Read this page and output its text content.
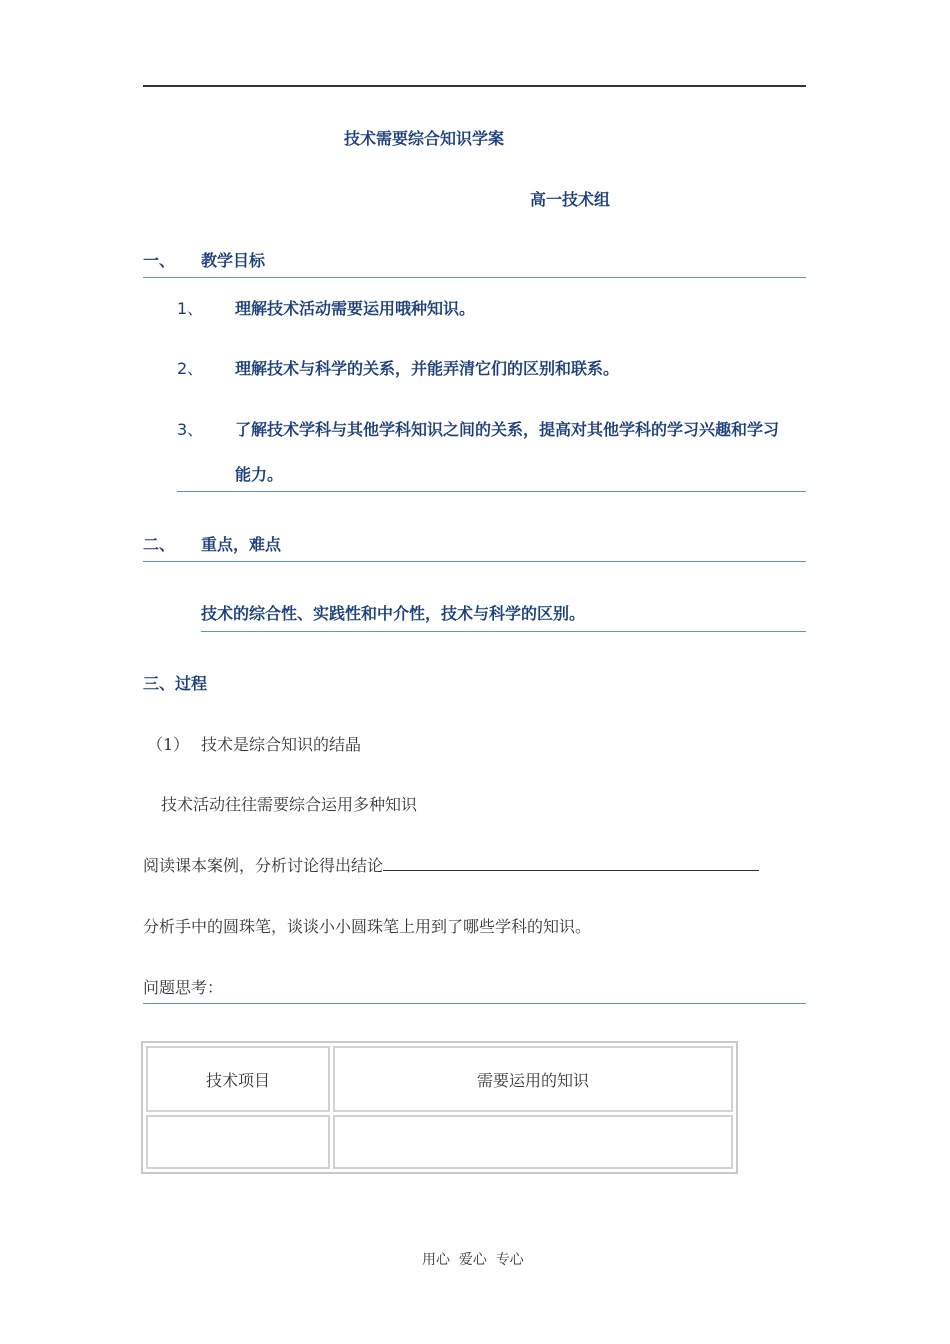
技术需要综合知识学案
高一技术组
一、 教学目标
1、 理解技术活动需要运用哦种知识。
2、 理解技术与科学的关系，并能弄清它们的区别和联系。
3、 了解技术学科与其他学科知识之间的关系，提高对其他学科的学习兴趣和学习
能力。
二、 重点，难点
技术的综合性、实践性和中介性，技术与科学的区别。
三、过程
（1） 技术是综合知识的结晶
技术活动往往需要综合运用多种知识
阅读课本案例，分析讨论得出结论
分析手中的圆珠笔，谈谈小小圆珠笔上用到了哪些学科的知识。
问题思考：
技术项目	需要运用的知识

用心  爱心  专心
